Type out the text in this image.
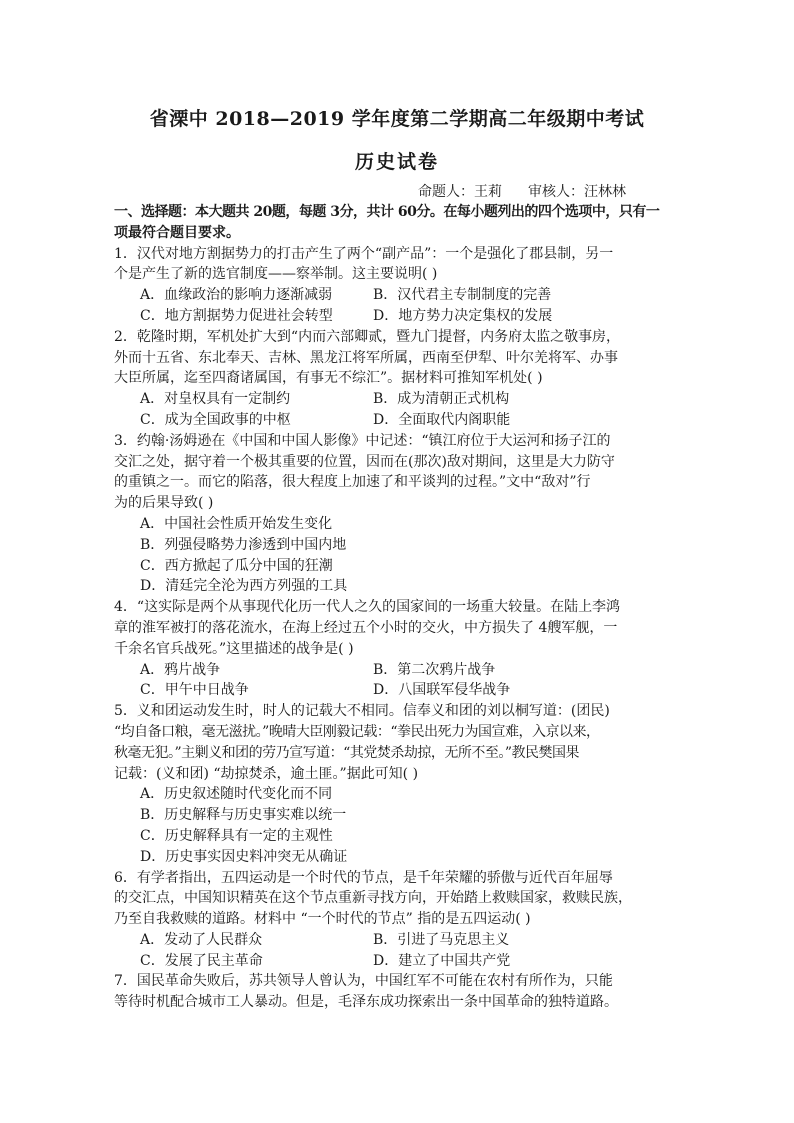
省溧中 2018—2019 学年度第二学期高二年级期中考试
历史试卷
命题人：王莉 审核人：汪林林
一、选择题：本大题共 20题，每题 3分，共计 60分。在每小题列出的四个选项中，只有一
项最符合题目要求。
1．汉代对地方割据势力的打击产生了两个“副产品”：一个是强化了郡县制，另一
个是产生了新的选官制度——察举制。这主要说明( )
A．血缘政治的影响力逐渐减弱	B．汉代君主专制制度的完善
C．地方割据势力促进社会转型	D．地方势力决定集权的发展
2．乾隆时期，军机处扩大到“内而六部卿贰，暨九门提督，内务府太监之敬事房，
外而十五省、东北奉天、吉林、黑龙江将军所属，西南至伊犁、叶尔羌将军、办事
大臣所属，迄至四裔诸属国，有事无不综汇”。据材料可推知军机处( )
A．对皇权具有一定制约	B．成为清朝正式机构
C．成为全国政事的中枢	D．全面取代内阁职能
3．约翰·汤姆逊在《中国和中国人影像》中记述：“镇江府位于大运河和扬子江的
交汇之处，据守着一个极其重要的位置，因而在(那次)敌对期间，这里是大力防守
的重镇之一。而它的陷落，很大程度上加速了和平谈判的过程。”文中“敌对”行
为的后果导致( )
A．中国社会性质开始发生变化
B．列强侵略势力渗透到中国内地
C．西方掀起了瓜分中国的狂潮
D．清廷完全沦为西方列强的工具
4．“这实际是两个从事现代化历一代人之久的国家间的一场重大较量。在陆上李鸿
章的淮军被打的落花流水，在海上经过五个小时的交火，中方损失了 4艘军舰，一
千余名官兵战死。”这里描述的战争是( )
A．鸦片战争	B．第二次鸦片战争
C．甲午中日战争	D．八国联军侵华战争
5．义和团运动发生时，时人的记载大不相同。信奉义和团的刘以桐写道：(团民)
“均自备口粮，毫无滋扰。”晚晴大臣刚毅记载：“拳民出死力为国宣难，入京以来，
秋毫无犯。”主剿义和团的劳乃宣写道：“其党焚杀劫掠，无所不至。”教民樊国果
记载：(义和团) “劫掠焚杀，逾土匪。”据此可知( )
A．历史叙述随时代变化而不同
B．历史解释与历史事实难以统一
C．历史解释具有一定的主观性
D．历史事实因史料冲突无从确证
6．有学者指出，五四运动是一个时代的节点，是千年荣耀的骄傲与近代百年屈辱
的交汇点，中国知识精英在这个节点重新寻找方向，开始踏上救赎国家，救赎民族，
乃至自我救赎的道路。材料中 “一个时代的节点” 指的是五四运动( )
A．发动了人民群众	B．引进了马克思主义
C．发展了民主革命	D．建立了中国共产党
7．国民革命失败后，苏共领导人曾认为，中国红军不可能在农村有所作为，只能
等待时机配合城市工人暴动。但是，毛泽东成功探索出一条中国革命的独特道路。
